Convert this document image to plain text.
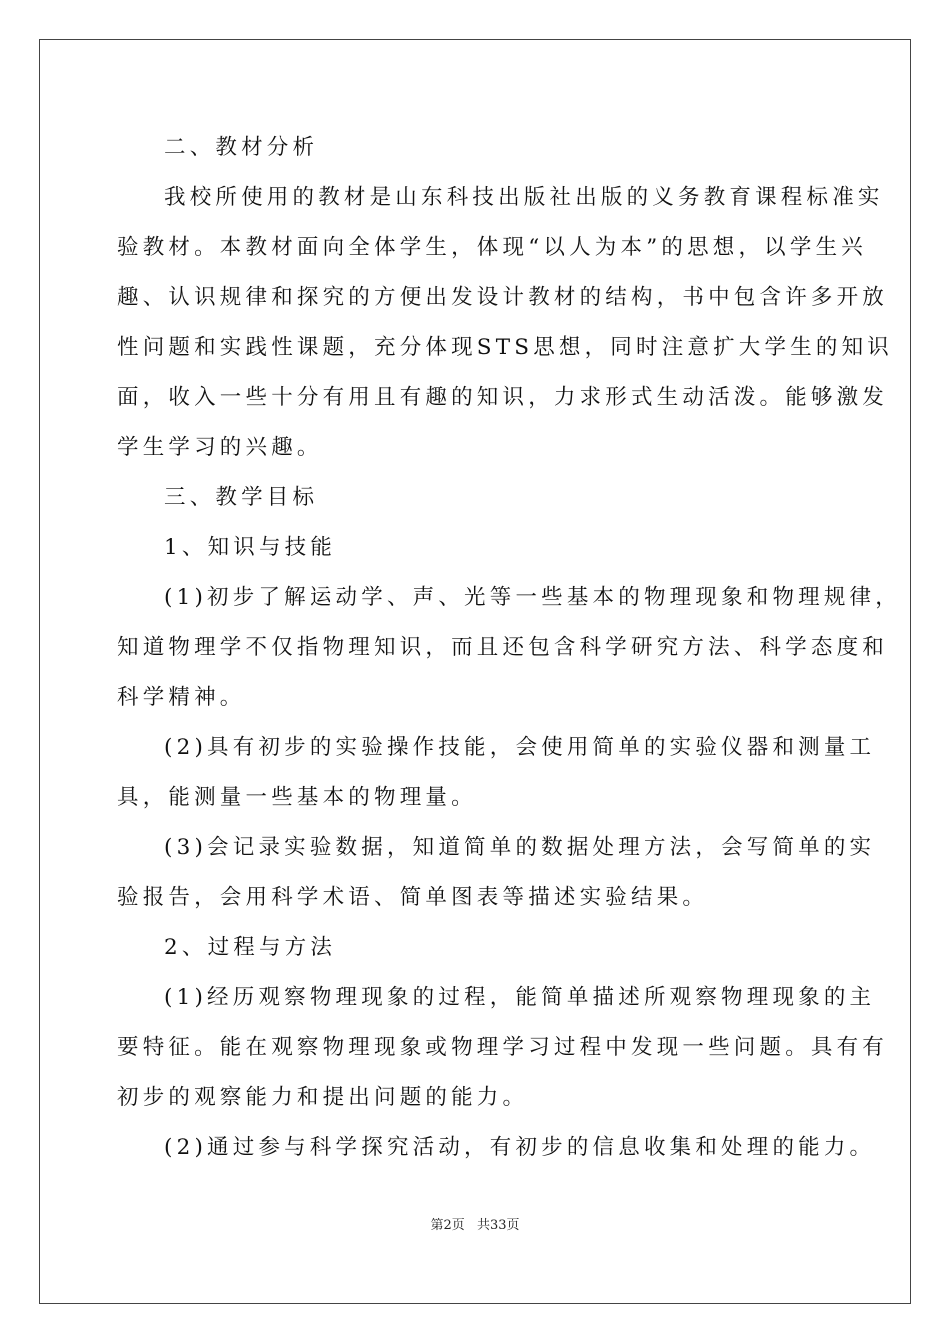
二、教材分析
我校所使用的教材是山东科技出版社出版的义务教育课程标准实
验教材。本教材面向全体学生，体现“以人为本”的思想，以学生兴
趣、认识规律和探究的方便出发设计教材的结构，书中包含许多开放
性问题和实践性课题，充分体现STS思想，同时注意扩大学生的知识
面，收入一些十分有用且有趣的知识，力求形式生动活泼。能够激发
学生学习的兴趣。
三、教学目标
1、知识与技能
(1)初步了解运动学、声、光等一些基本的物理现象和物理规律，
知道物理学不仅指物理知识，而且还包含科学研究方法、科学态度和
科学精神。
(2)具有初步的实验操作技能，会使用简单的实验仪器和测量工
具，能测量一些基本的物理量。
(3)会记录实验数据，知道简单的数据处理方法，会写简单的实
验报告，会用科学术语、简单图表等描述实验结果。
2、过程与方法
(1)经历观察物理现象的过程，能简单描述所观察物理现象的主
要特征。能在观察物理现象或物理学习过程中发现一些问题。具有有
初步的观察能力和提出问题的能力。
(2)通过参与科学探究活动，有初步的信息收集和处理的能力。
第2页 共33页
